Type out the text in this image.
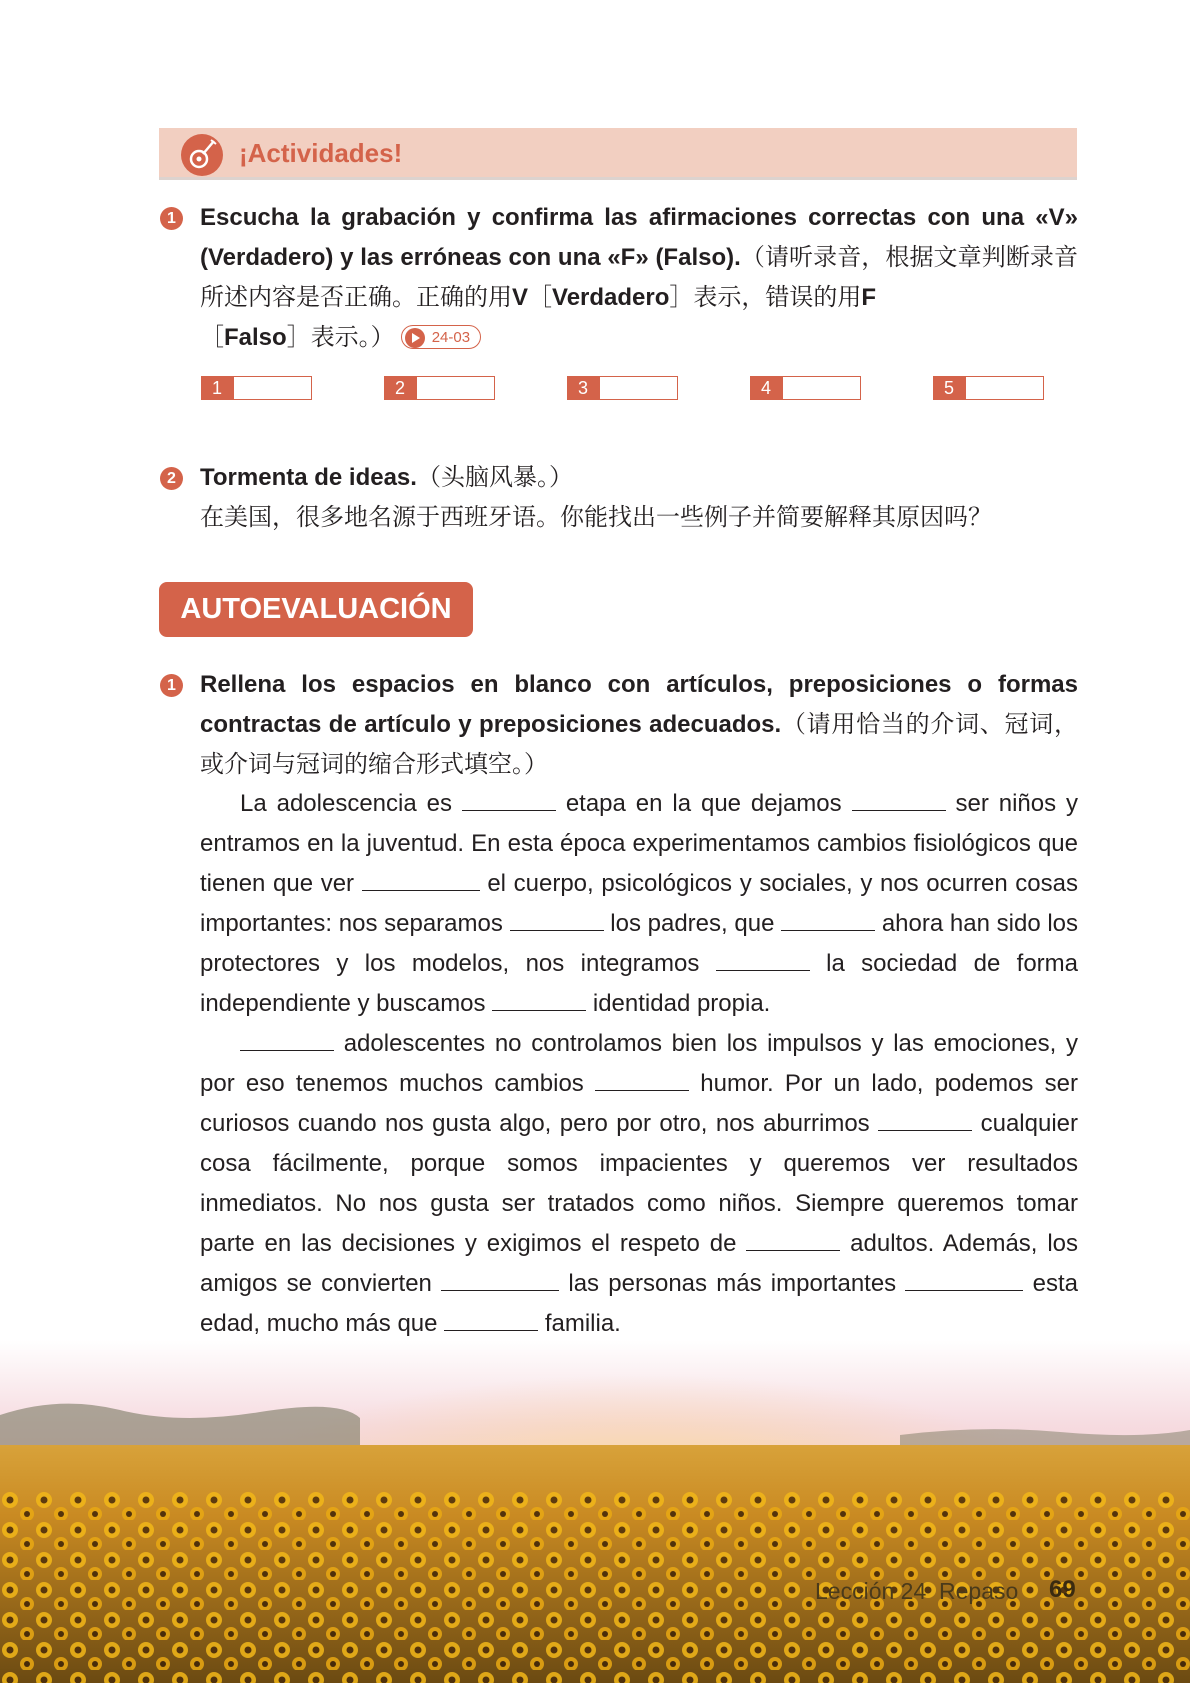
¡Actividades!
1 Escucha la grabación y confirma las afirmaciones correctas con una «V» (Verdadero) y las erróneas con una «F» (Falso).（请听录音，根据文章判断录音所述内容是否正确。正确的用V［Verdadero］表示，错误的用F
［Falso］表示。） 24-03
1	2	3	4	5
2 Tormenta de ideas.（头脑风暴。）
在美国，很多地名源于西班牙语。你能找出一些例子并简要解释其原因吗？
AUTOEVALUACIÓN
1 Rellena los espacios en blanco con artículos, preposiciones o formas contractas de artículo y preposiciones adecuados.（请用恰当的介词、冠词，或介词与冠词的缩合形式填空。）

La adolescencia es	etapa en la que dejamos	ser niños y entramos en la juventud. En esta época experimentamos cambios fisiológicos que tienen que ver	el cuerpo, psicológicos y sociales, y nos ocurren cosas importantes: nos separamos	los padres, que	ahora han sido los protectores y los modelos, nos integramos	la sociedad de forma independiente y buscamos	identidad propia.

adolescentes no controlamos bien los impulsos y las emociones, y por eso tenemos muchos cambios	humor. Por un lado, podemos ser curiosos cuando nos gusta algo, pero por otro, nos aburrimos	cualquier cosa fácilmente, porque somos impacientes y queremos ver resultados inmediatos. No nos gusta ser tratados como niños. Siempre queremos tomar parte en las decisiones y exigimos el respeto de	adultos. Además, los amigos se convierten	las personas más importantes	esta edad, mucho más que	familia.

Lección 24 Repaso 69
